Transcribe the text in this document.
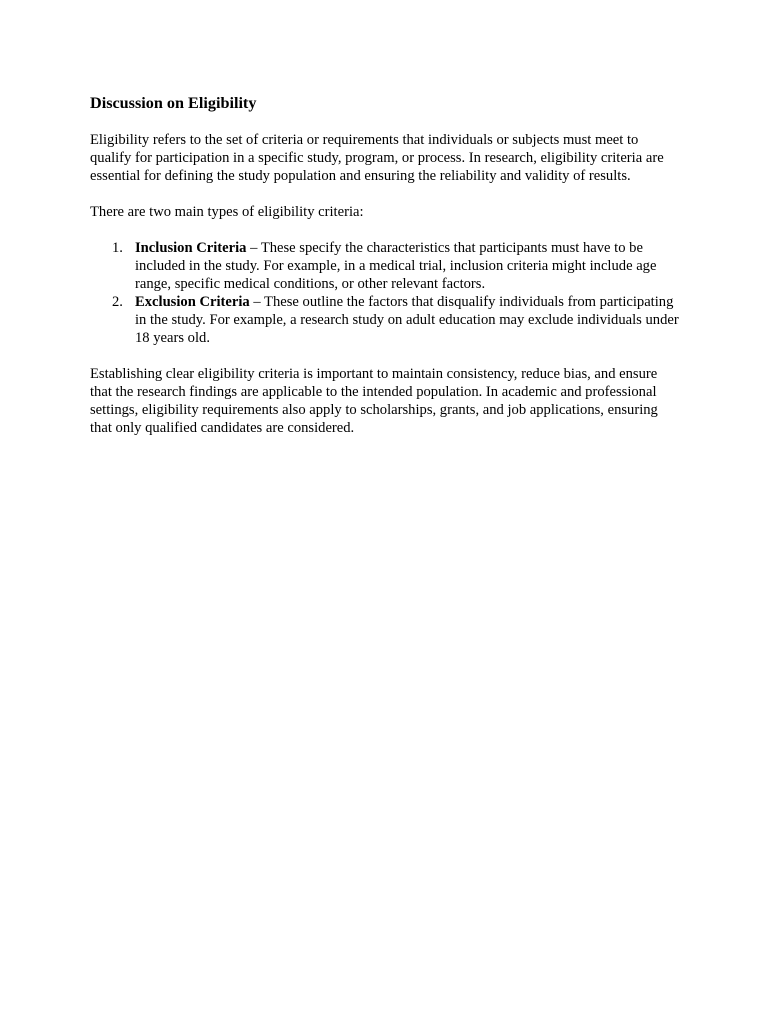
Discussion on Eligibility

Eligibility refers to the set of criteria or requirements that individuals or subjects must meet to qualify for participation in a specific study, program, or process. In research, eligibility criteria are essential for defining the study population and ensuring the reliability and validity of results.

There are two main types of eligibility criteria:

1. Inclusion Criteria – These specify the characteristics that participants must have to be included in the study. For example, in a medical trial, inclusion criteria might include age range, specific medical conditions, or other relevant factors.
2. Exclusion Criteria – These outline the factors that disqualify individuals from participating in the study. For example, a research study on adult education may exclude individuals under 18 years old.

Establishing clear eligibility criteria is important to maintain consistency, reduce bias, and ensure that the research findings are applicable to the intended population. In academic and professional settings, eligibility requirements also apply to scholarships, grants, and job applications, ensuring that only qualified candidates are considered.
